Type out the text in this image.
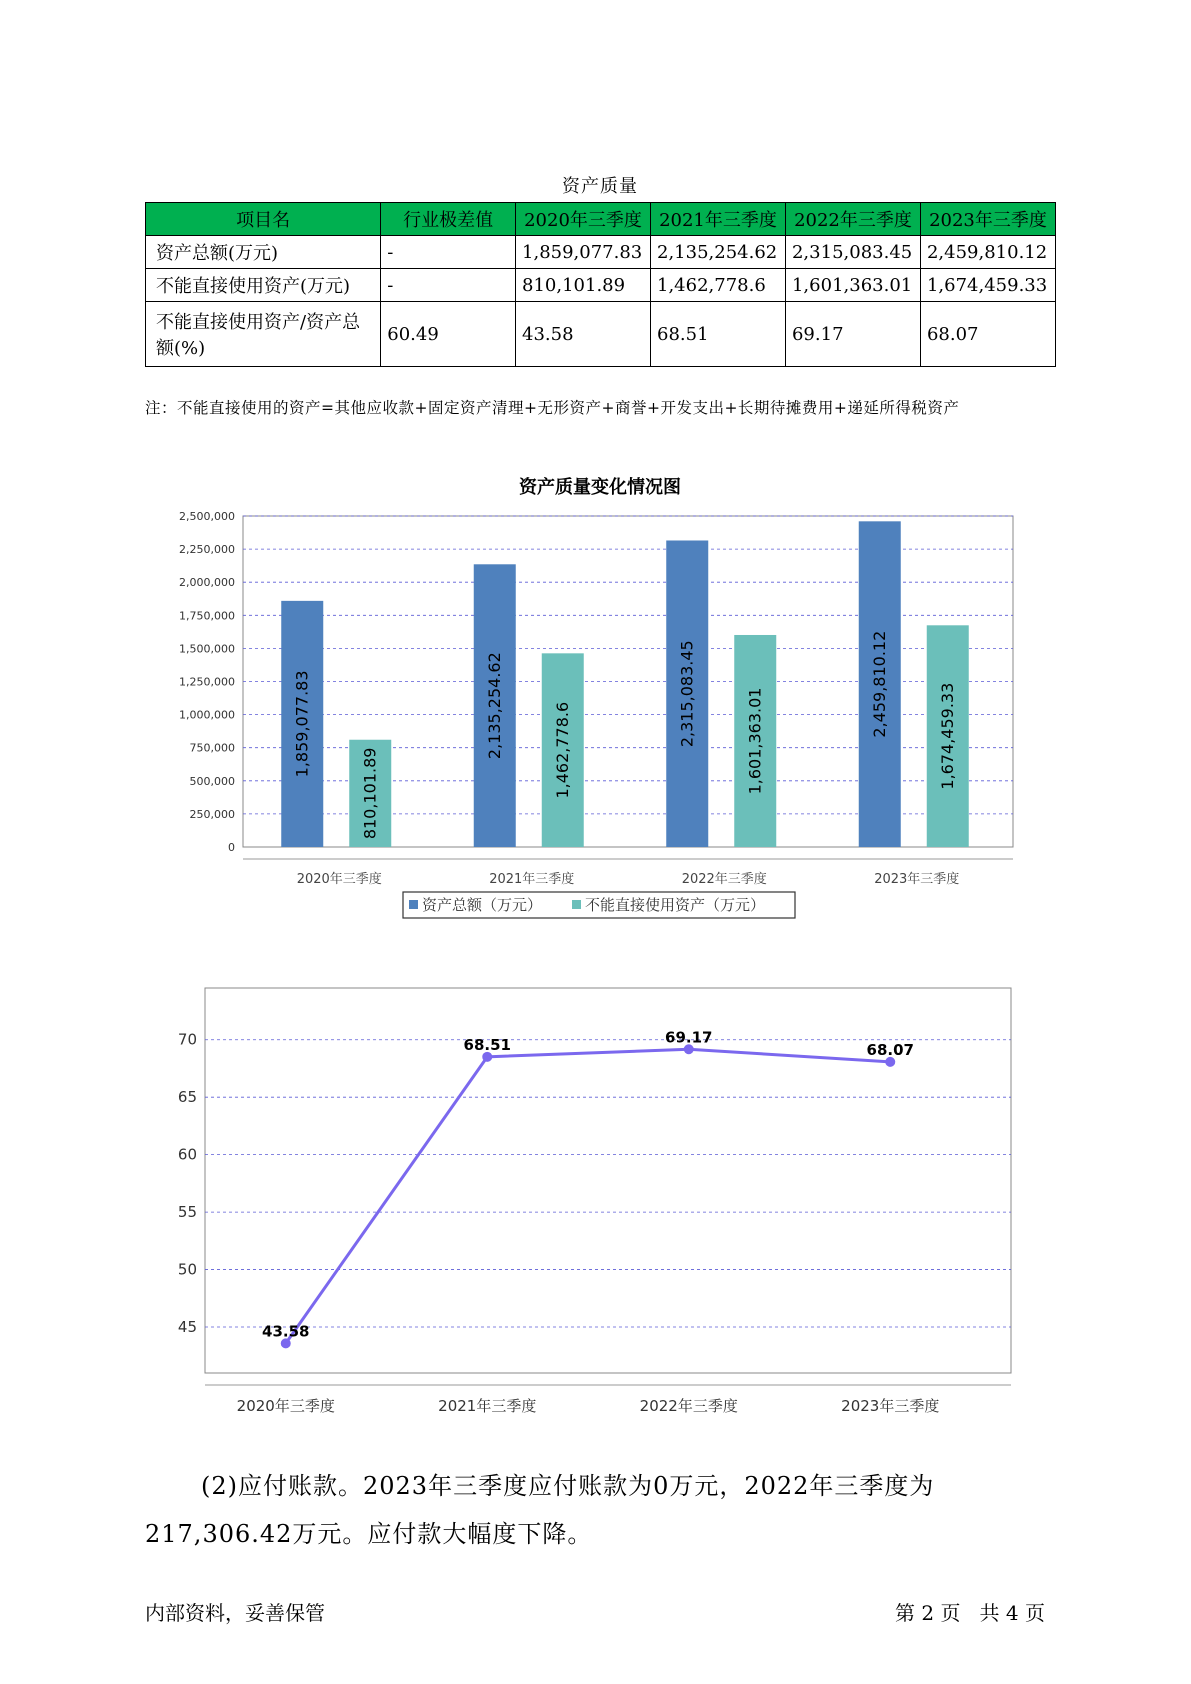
资产质量
项目名	行业极差值	2020年三季度	2021年三季度	2022年三季度	2023年三季度
资产总额(万元)	-	1,859,077.83	2,135,254.62	2,315,083.45	2,459,810.12
不能直接使用资产(万元)	-	810,101.89	1,462,778.6	1,601,363.01	1,674,459.33
不能直接使用资产/资产总额(%)	60.49	43.58	68.51	69.17	68.07
注：不能直接使用的资产=其他应收款+固定资产清理+无形资产+商誉+开发支出+长期待摊费用+递延所得税资产
资产质量变化情况图
0
250,000
500,000
750,000
1,000,000
1,250,000
1,500,000
1,750,000
2,000,000
2,250,000
2,500,000
2020年三季度
1,859,077.83
810,101.89
2021年三季度
2,135,254.62	1,462,778.6
2022年三季度
2,315,083.45	1,601,363.01
2023年三季度
2,459,810.12	1,674,459.33
资产总额（万元）	不能直接使用资产（万元）
45
50
55
60
65
70
2020年三季度	2021年三季度	2022年三季度	2023年三季度
43.58
68.51	69.17
68.07
(2)应付账款。2023年三季度应付账款为0万元，2022年三季度为217,306.42万元。应付款大幅度下降。
内部资料，妥善保管	第 2 页   共 4 页
